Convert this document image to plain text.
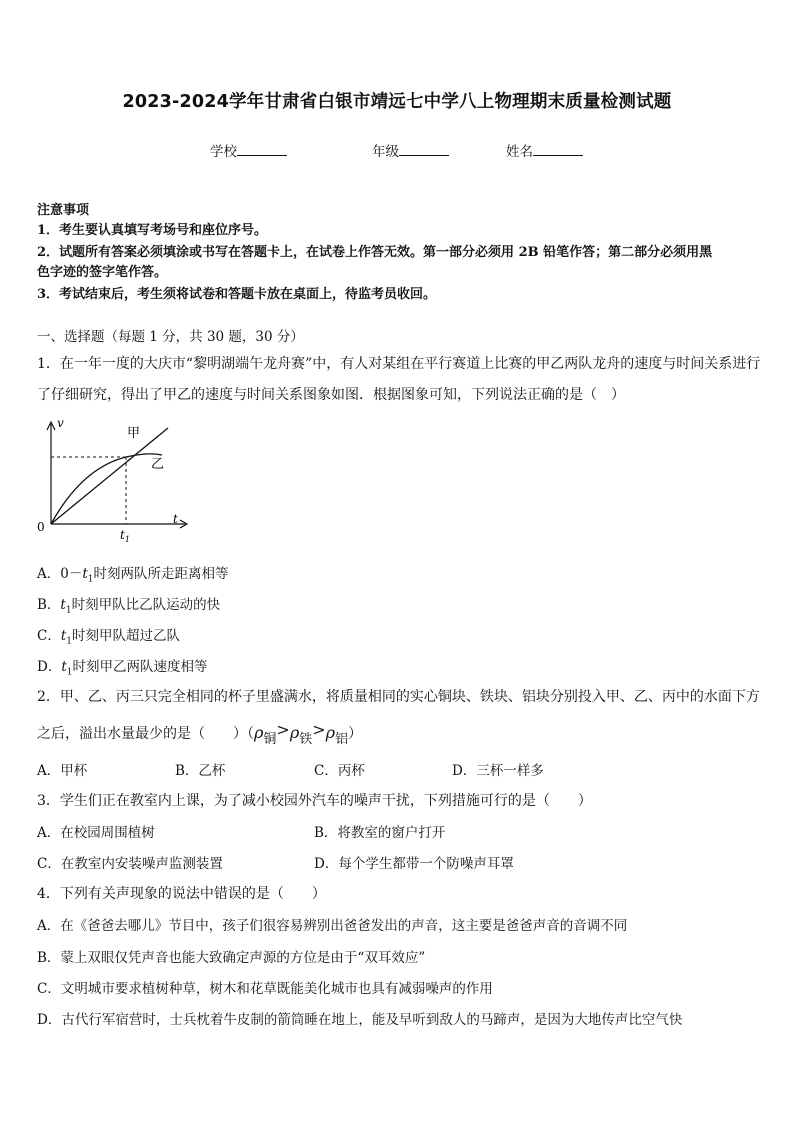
2023-2024学年甘肃省白银市靖远七中学八上物理期末质量检测试题
学校	年级	姓名
注意事项
1．考生要认真填写考场号和座位序号。
2．试题所有答案必须填涂或书写在答题卡上，在试卷上作答无效。第一部分必须用 2B 铅笔作答；第二部分必须用黑
色字迹的签字笔作答。
3．考试结束后，考生须将试卷和答题卡放在桌面上，待监考员收回。
一、选择题（每题 1 分，共 30 题，30 分）
1．在一年一度的大庆市“黎明湖端午龙舟赛”中，有人对某组在平行赛道上比赛的甲乙两队龙舟的速度与时间关系进行
了仔细研究，得出了甲乙的速度与时间关系图象如图．根据图象可知，下列说法正确的是（　）
v
t
0
$t_1$
甲
乙
A．$0-t_1$时刻两队所走距离相等
B．$t_1$时刻甲队比乙队运动的快
C．$t_1$时刻甲队超过乙队
D．$t_1$时刻甲乙两队速度相等
2．甲、乙、丙三只完全相同的杯子里盛满水，将质量相同的实心铜块、铁块、铝块分别投入甲、乙、丙中的水面下方
之后，溢出水量最少的是（　　）（ρ铜>ρ铁>ρ铝）
A．甲杯	B．乙杯	C．丙杯	D．三杯一样多
3．学生们正在教室内上课，为了减小校园外汽车的噪声干扰，下列措施可行的是（　　）
A．在校园周围植树	B．将教室的窗户打开
C．在教室内安装噪声监测装置	D．每个学生都带一个防噪声耳罩
4．下列有关声现象的说法中错误的是（　　）
A．在《爸爸去哪儿》节目中，孩子们很容易辨别出爸爸发出的声音，这主要是爸爸声音的音调不同
B．蒙上双眼仅凭声音也能大致确定声源的方位是由于“双耳效应”
C．文明城市要求植树种草，树木和花草既能美化城市也具有减弱噪声的作用
D．古代行军宿营时，士兵枕着牛皮制的箭筒睡在地上，能及早听到敌人的马蹄声，是因为大地传声比空气快
